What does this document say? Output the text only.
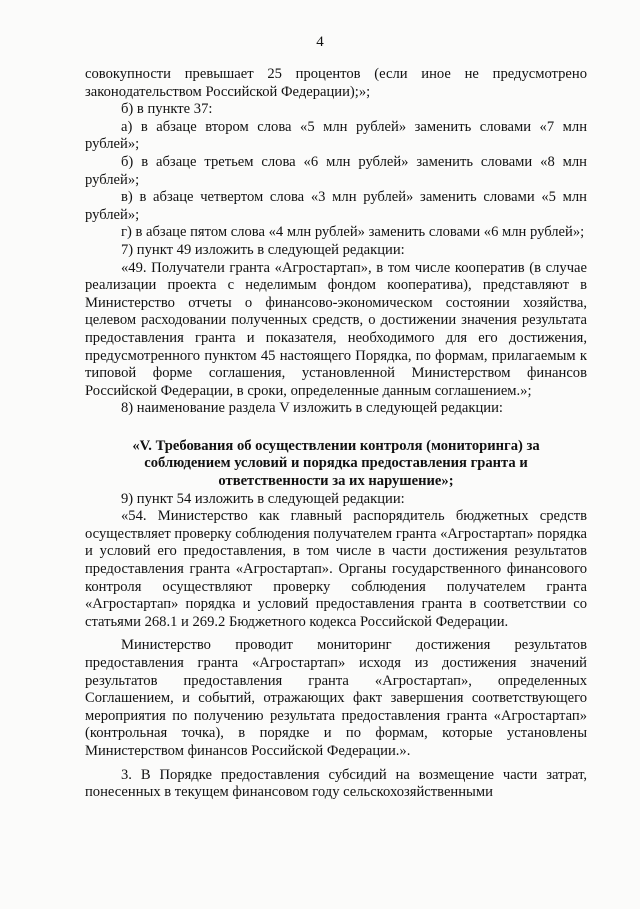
4

совокупности превышает 25 процентов (если иное не предусмотрено законодательством Российской Федерации);»;

б) в пункте 37:

а) в абзаце втором слова «5 млн рублей» заменить словами «7 млн рублей»;

б) в абзаце третьем слова «6 млн рублей» заменить словами «8 млн рублей»;

в) в абзаце четвертом слова «3 млн рублей» заменить словами «5 млн рублей»;

г) в абзаце пятом слова «4 млн рублей» заменить словами «6 млн рублей»;

7) пункт 49 изложить в следующей редакции:

«49. Получатели гранта «Агростартап», в том числе кооператив (в случае реализации проекта с неделимым фондом кооператива), представляют в Министерство отчеты о финансово-экономическом состоянии хозяйства, целевом расходовании полученных средств, о достижении значения результата предоставления гранта и показателя, необходимого для его достижения, предусмотренного пунктом 45 настоящего Порядка, по формам, прилагаемым к типовой форме соглашения, установленной Министерством финансов Российской Федерации, в сроки, определенные данным соглашением.»;

8) наименование раздела V изложить в следующей редакции:

«V. Требования об осуществлении контроля (мониторинга) за
соблюдением условий и порядка предоставления гранта и
ответственности за их нарушение»;

9) пункт 54 изложить в следующей редакции:

«54. Министерство как главный распорядитель бюджетных средств осуществляет проверку соблюдения получателем гранта «Агростартап» порядка и условий его предоставления, в том числе в части достижения результатов предоставления гранта «Агростартап». Органы государственного финансового контроля осуществляют проверку соблюдения получателем гранта «Агростартап» порядка и условий предоставления гранта в соответствии со статьями 268.1 и 269.2 Бюджетного кодекса Российской Федерации.

Министерство проводит мониторинг достижения результатов предоставления гранта «Агростартап» исходя из достижения значений результатов предоставления гранта «Агростартап», определенных Соглашением, и событий, отражающих факт завершения соответствующего мероприятия по получению результата предоставления гранта «Агростартап» (контрольная точка), в порядке и по формам, которые установлены Министерством финансов Российской Федерации.».

3. В Порядке предоставления субсидий на возмещение части затрат, понесенных в текущем финансовом году сельскохозяйственными
